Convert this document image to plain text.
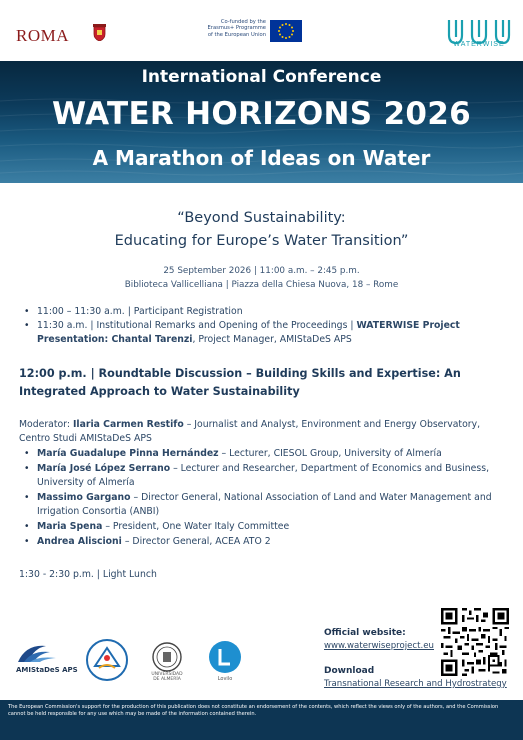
ROMA
Co-funded by the
Erasmus+ Programme
of the European Union
WATERWISE
International Conference
WATER HORIZONS 2026
A Marathon of Ideas on Water
“Beyond Sustainability:
Educating for Europe’s Water Transition”
25 September 2026 | 11:00 a.m. – 2:45 p.m.
Biblioteca Vallicelliana | Piazza della Chiesa Nuova, 18 – Rome
• 11:00 – 11:30 a.m. | Participant Registration
• 11:30 a.m. | Institutional Remarks and Opening of the Proceedings | WATERWISE Project Presentation: Chantal Tarenzi, Project Manager, AMIStaDeS APS
12:00 p.m. | Roundtable Discussion – Building Skills and Expertise: An Integrated Approach to Water Sustainability
Moderator: Ilaria Carmen Restifo – Journalist and Analyst, Environment and Energy Observatory, Centro Studi AMIStaDeS APS
• María Guadalupe Pinna Hernández – Lecturer, CIESOL Group, University of Almería
• María José López Serrano – Lecturer and Researcher, Department of Economics and Business, University of Almería
• Massimo Gargano – Director General, National Association of Land and Water Management and Irrigation Consortia (ANBI)
• Maria Spena – President, One Water Italy Committee
• Andrea Aliscioni – Director General, ACEA ATO 2
1:30 - 2:30 p.m. | Light Lunch
AMIStaDeS APS
UNIVERSIDAD
DE ALMERÍA	Lovilo
Official website:
www.waterwiseproject.eu
Download
Transnational Research and Hydrostrategy
The European Commission's support for the production of this publication does not constitute an endorsement of the contents, which reflect the views only of the authors, and the Commission cannot be held responsible for any use which may be made of the information contained therein.
